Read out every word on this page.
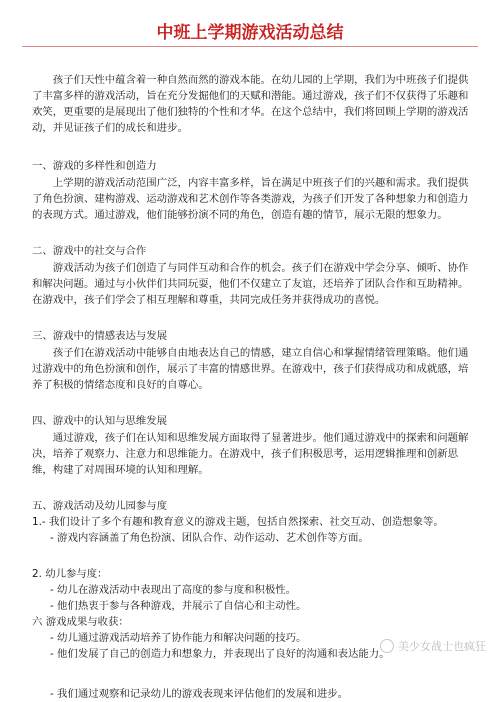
中班上学期游戏活动总结

孩子们天性中蕴含着一种自然而然的游戏本能。在幼儿园的上学期，我们为中班孩子们提供了丰富多样的游戏活动，旨在充分发掘他们的天赋和潜能。通过游戏，孩子们不仅获得了乐趣和欢笑，更重要的是展现出了他们独特的个性和才华。在这个总结中，我们将回顾上学期的游戏活动，并见证孩子们的成长和进步。

一、游戏的多样性和创造力

上学期的游戏活动范围广泛，内容丰富多样，旨在满足中班孩子们的兴趣和需求。我们提供了角色扮演、建构游戏、运动游戏和艺术创作等各类游戏，为孩子们开发了各种想象力和创造力的表现方式。通过游戏，他们能够扮演不同的角色，创造有趣的情节，展示无限的想象力。

二、游戏中的社交与合作

游戏活动为孩子们创造了与同伴互动和合作的机会。孩子们在游戏中学会分享、倾听、协作和解决问题。通过与小伙伴们共同玩耍，他们不仅建立了友谊，还培养了团队合作和互助精神。在游戏中，孩子们学会了相互理解和尊重，共同完成任务并获得成功的喜悦。

三、游戏中的情感表达与发展

孩子们在游戏活动中能够自由地表达自己的情感，建立自信心和掌握情绪管理策略。他们通过游戏中的角色扮演和创作，展示了丰富的情感世界。在游戏中，孩子们获得成功和成就感，培养了积极的情绪态度和良好的自尊心。

四、游戏中的认知与思维发展

通过游戏，孩子们在认知和思维发展方面取得了显著进步。他们通过游戏中的探索和问题解决，培养了观察力、注意力和思维能力。在游戏中，孩子们积极思考，运用逻辑推理和创新思维，构建了对周围环境的认知和理解。

五、游戏活动及幼儿园参与度

1.- 我们设计了多个有趣和教育意义的游戏主题，包括自然探索、社交互动、创造想象等。

- 游戏内容涵盖了角色扮演、团队合作、动作运动、艺术创作等方面。

2. 幼儿参与度：

- 幼儿在游戏活动中表现出了高度的参与度和积极性。

- 他们热衷于参与各种游戏，并展示了自信心和主动性。

六 游戏成果与收获：

- 幼儿通过游戏活动培养了协作能力和解决问题的技巧。

- 他们发展了自己的创造力和想象力，并表现出了良好的沟通和表达能力。

- 我们通过观察和记录幼儿的游戏表现来评估他们的发展和进步。

美少女战士也疯狂
